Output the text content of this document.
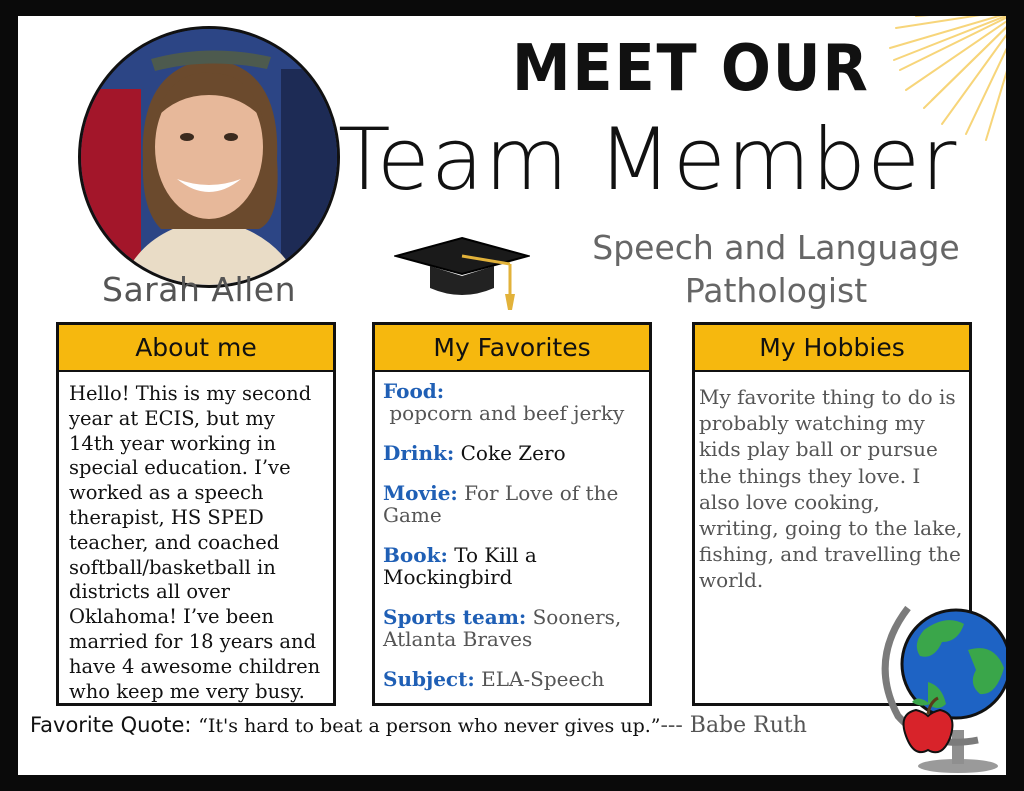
Sarah Allen
MEET OUR
Team Member
Speech and Language Pathologist
About me
Hello! This is my second year at ECIS, but my 14th year working in special education. I’ve worked as a speech therapist, HS SPED teacher, and coached softball/basketball in districts all over Oklahoma! I’ve been married for 18 years and have 4 awesome children who keep me very busy.
My Favorites
Food:
popcorn and beef jerky
Drink: Coke Zero
Movie: For Love of the Game
Book: To Kill a Mockingbird
Sports team: Sooners, Atlanta Braves
Subject: ELA-Speech
My Hobbies
My favorite thing to do is probably watching my kids play ball or pursue the things they love. I also love cooking, writing, going to the lake, fishing, and travelling the world.
Favorite Quote: “It's hard to beat a person who never gives up.”--- Babe Ruth
